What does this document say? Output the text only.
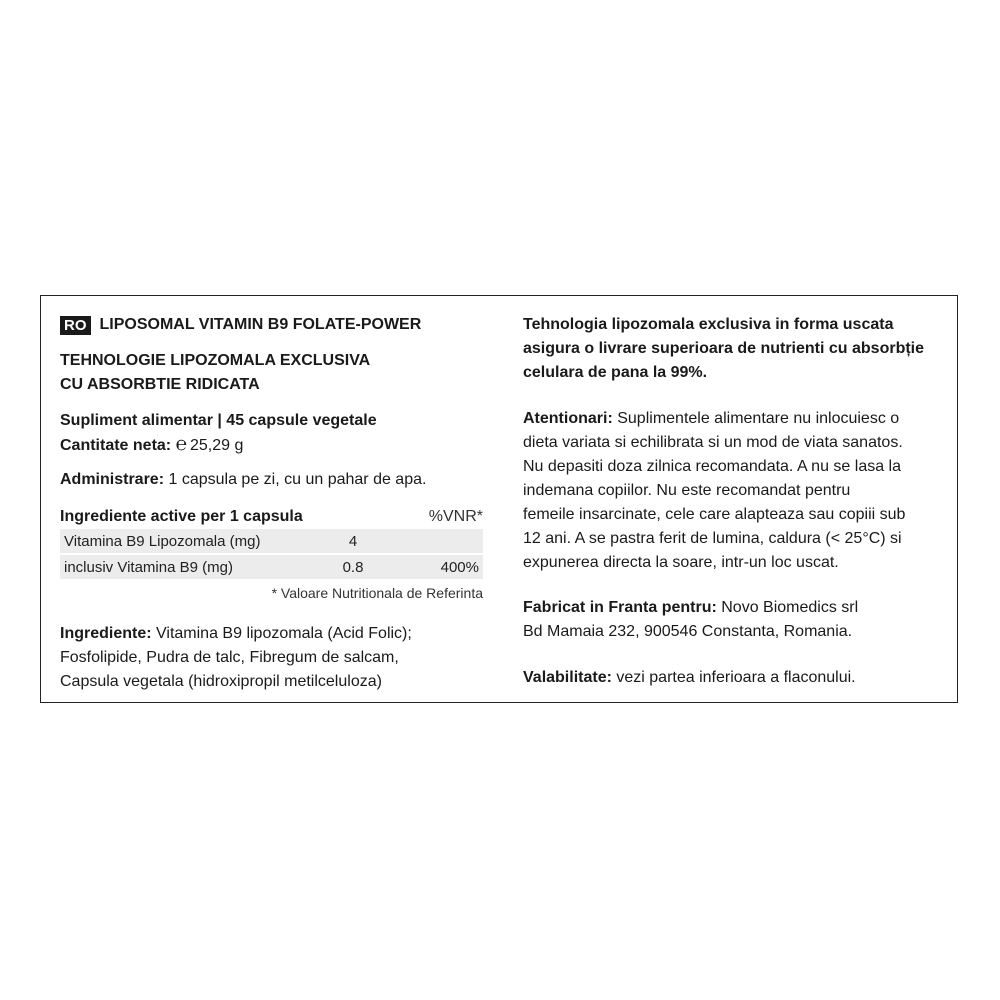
RO LIPOSOMAL VITAMIN B9 FOLATE-POWER

TEHNOLOGIE LIPOZOMALA EXCLUSIVA

CU ABSORBTIE RIDICATA

Supliment alimentar | 45 capsule vegetale

Cantitate neta: ℮ 25,29 g

Administrare: 1 capsula pe zi, cu un pahar de apa.

Ingrediente active per 1 capsula	%VNR*
Vitamina B9 Lipozomala (mg)	4
inclusiv Vitamina B9 (mg)	0.8	400%
* Valoare Nutritionala de Referinta

Ingrediente: Vitamina B9 lipozomala (Acid Folic);

Fosfolipide, Pudra de talc, Fibregum de salcam,

Capsula vegetala (hidroxipropil metilceluloza)

Tehnologia lipozomala exclusiva in forma uscata

asigura o livrare superioara de nutrienti cu absorbție

celulara de pana la 99%.

Atentionari: Suplimentele alimentare nu inlocuiesc o

dieta variata si echilibrata si un mod de viata sanatos.

Nu depasiti doza zilnica recomandata. A nu se lasa la

indemana copiilor. Nu este recomandat pentru

femeile insarcinate, cele care alapteaza sau copiii sub

12 ani. A se pastra ferit de lumina, caldura (< 25°C) si

expunerea directa la soare, intr-un loc uscat.

Fabricat in Franta pentru: Novo Biomedics srl

Bd Mamaia 232, 900546 Constanta, Romania.

Valabilitate: vezi partea inferioara a flaconului.
